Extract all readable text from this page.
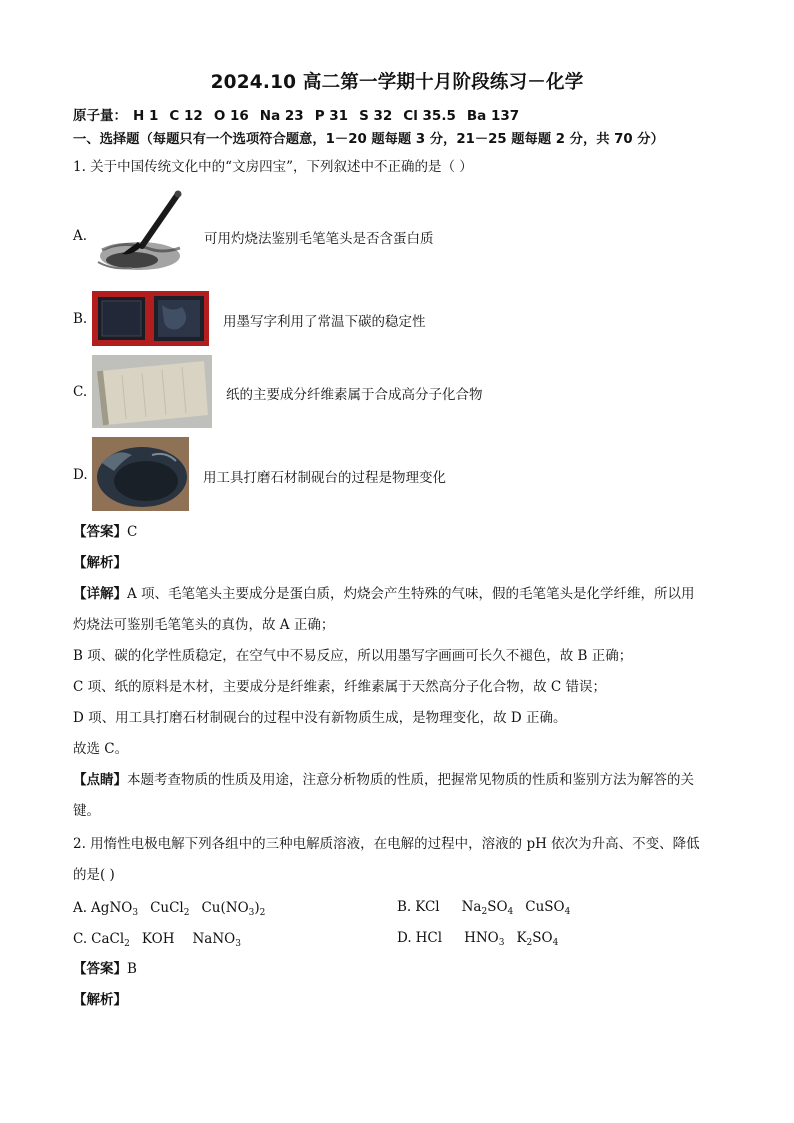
2024.10 高二第一学期十月阶段练习－化学
原子量： H 1 C 12 O 16 Na 23 P 31 S 32 Cl 35.5 Ba 137
一、选择题（每题只有一个选项符合题意，1－20 题每题 3 分，21－25 题每题 2 分，共 70 分）
1. 关于中国传统文化中的“文房四宝”，下列叙述中不正确的是（ ）
A.	可用灼烧法鉴别毛笔笔头是否含蛋白质
B.	用墨写字利用了常温下碳的稳定性
C.	纸的主要成分纤维素属于合成高分子化合物
D.	用工具打磨石材制砚台的过程是物理变化
【答案】C
【解析】
【详解】A 项、毛笔笔头主要成分是蛋白质，灼烧会产生特殊的气味，假的毛笔笔头是化学纤维，所以用
灼烧法可鉴别毛笔笔头的真伪，故 A 正确；
B 项、碳的化学性质稳定，在空气中不易反应，所以用墨写字画画可长久不褪色，故 B 正确；
C 项、纸的原料是木材，主要成分是纤维素，纤维素属于天然高分子化合物，故 C 错误；
D 项、用工具打磨石材制砚台的过程中没有新物质生成，是物理变化，故 D 正确。
故选 C。
【点睛】本题考查物质的性质及用途，注意分析物质的性质，把握常见物质的性质和鉴别方法为解答的关
键。
2. 用惰性电极电解下列各组中的三种电解质溶液，在电解的过程中，溶液的 pH 依次为升高、不变、降低
的是( )
A. AgNO$_3$ CuCl$_2$ $Cu(NO_3)_2$	B. KCl $Na_2SO_4$ CuSO$_4$
C. CaCl$_2$ KOH NaNO$_3$	D. HCl $HNO_3$ $K_2SO_4$
【答案】B
【解析】
